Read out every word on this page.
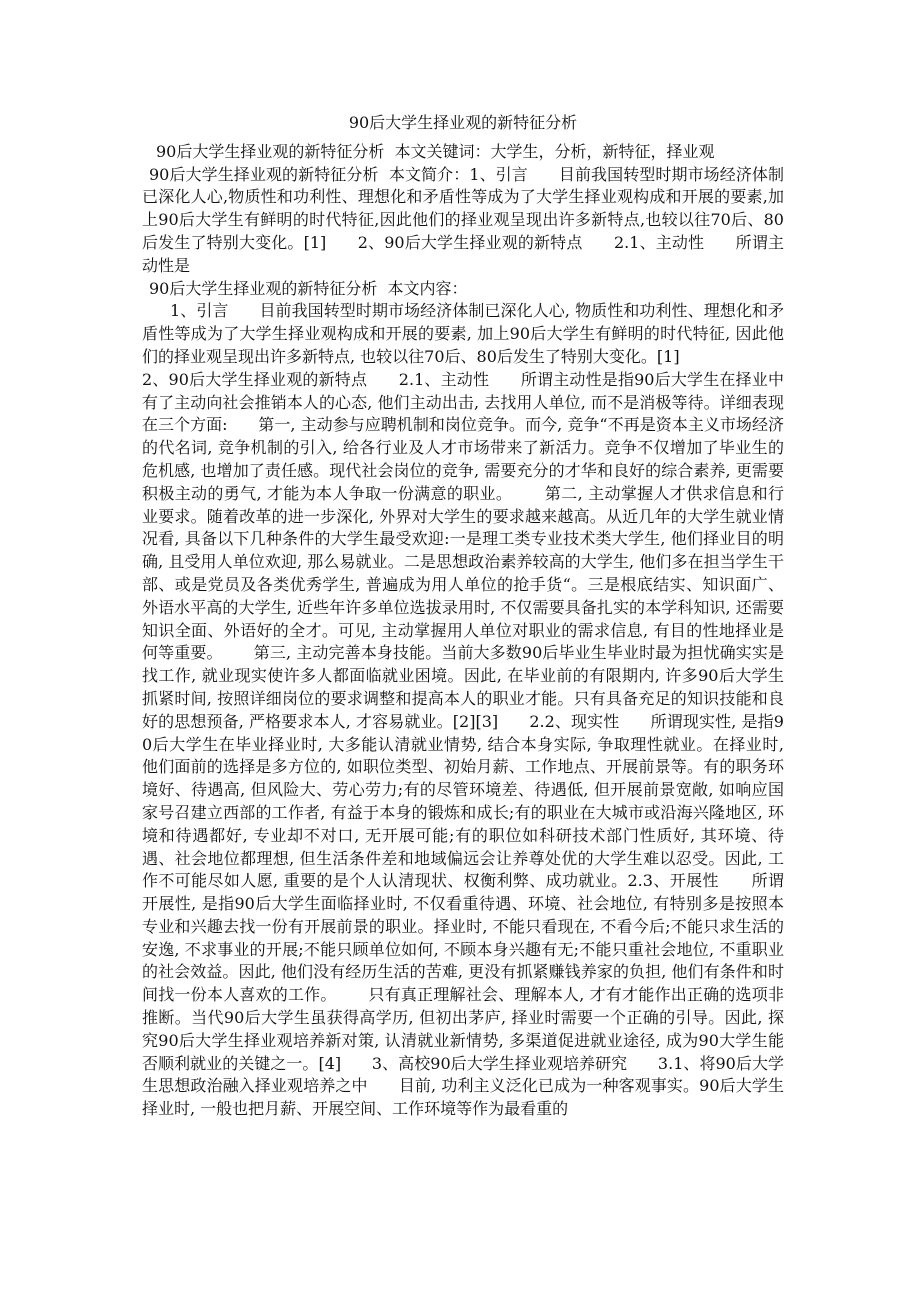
90后大学生择业观的新特征分析

90后大学生择业观的新特征分析  本文关键词：大学生，分析，新特征，择业观

90后大学生择业观的新特征分析  本文简介：1、引言      目前我国转型时期市场经济体制已深化人心,物质性和功利性、理想化和矛盾性等成为了大学生择业观构成和开展的要素,加上90后大学生有鲜明的时代特征,因此他们的择业观呈现出许多新特点,也较以往70后、80后发生了特别大变化。[1]      2、90后大学生择业观的新特点      2.1、主动性      所谓主动性是

90后大学生择业观的新特征分析  本文内容：

1、引言      目前我国转型时期市场经济体制已深化人心, 物质性和功利性、理想化和矛盾性等成为了大学生择业观构成和开展的要素, 加上90后大学生有鲜明的时代特征, 因此他们的择业观呈现出许多新特点, 也较以往70后、80后发生了特别大变化。[1]
2、90后大学生择业观的新特点      2.1、主动性      所谓主动性是指90后大学生在择业中有了主动向社会推销本人的心态, 他们主动出击, 去找用人单位, 而不是消极等待。详细表现在三个方面:      第一, 主动参与应聘机制和岗位竞争。而今, 竞争“不再是资本主义市场经济的代名词, 竞争机制的引入, 给各行业及人才市场带来了新活力。竞争不仅增加了毕业生的危机感, 也增加了责任感。现代社会岗位的竞争, 需要充分的才华和良好的综合素养, 更需要积极主动的勇气, 才能为本人争取一份满意的职业。      第二, 主动掌握人才供求信息和行业要求。随着改革的进一步深化, 外界对大学生的要求越来越高。从近几年的大学生就业情况看, 具备以下几种条件的大学生最受欢迎:一是理工类专业技术类大学生, 他们择业目的明确, 且受用人单位欢迎, 那么易就业。二是思想政治素养较高的大学生, 他们多在担当学生干部、或是党员及各类优秀学生, 普遍成为用人单位的抢手货“。三是根底结实、知识面广、外语水平高的大学生, 近些年许多单位选拔录用时, 不仅需要具备扎实的本学科知识, 还需要知识全面、外语好的全才。可见, 主动掌握用人单位对职业的需求信息, 有目的性地择业是何等重要。      第三, 主动完善本身技能。当前大多数90后毕业生毕业时最为担忧确实实是找工作, 就业现实使许多人都面临就业困境。因此, 在毕业前的有限期内, 许多90后大学生抓紧时间, 按照详细岗位的要求调整和提高本人的职业才能。只有具备充足的知识技能和良好的思想预备, 严格要求本人, 才容易就业。[2][3]      2.2、现实性      所谓现实性, 是指90后大学生在毕业择业时, 大多能认清就业情势, 结合本身实际, 争取理性就业。在择业时, 他们面前的选择是多方位的, 如职位类型、初始月薪、工作地点、开展前景等。有的职务环境好、待遇高, 但风险大、劳心劳力;有的尽管环境差、待遇低, 但开展前景宽敞, 如响应国家号召建立西部的工作者, 有益于本身的锻炼和成长;有的职业在大城市或沿海兴隆地区, 环境和待遇都好, 专业却不对口, 无开展可能;有的职位如科研技术部门性质好, 其环境、待遇、社会地位都理想, 但生活条件差和地域偏远会让养尊处优的大学生难以忍受。因此, 工作不可能尽如人愿, 重要的是个人认清现状、权衡利弊、成功就业。2.3、开展性      所谓开展性, 是指90后大学生面临择业时, 不仅看重待遇、环境、社会地位, 有特别多是按照本专业和兴趣去找一份有开展前景的职业。择业时, 不能只看现在, 不看今后;不能只求生活的安逸, 不求事业的开展;不能只顾单位如何, 不顾本身兴趣有无;不能只重社会地位, 不重职业的社会效益。因此, 他们没有经历生活的苦难, 更没有抓紧赚钱养家的负担, 他们有条件和时间找一份本人喜欢的工作。      只有真正理解社会、理解本人, 才有才能作出正确的选项非推断。当代90后大学生虽获得高学历, 但初出茅庐, 择业时需要一个正确的引导。因此, 探究90后大学生择业观培养新对策, 认清就业新情势, 多渠道促进就业途径, 成为90大学生能否顺利就业的关键之一。[4]      3、高校90后大学生择业观培养研究      3.1、将90后大学生思想政治融入择业观培养之中      目前, 功利主义泛化已成为一种客观事实。90后大学生择业时, 一般也把月薪、开展空间、工作环境等作为最看重的
